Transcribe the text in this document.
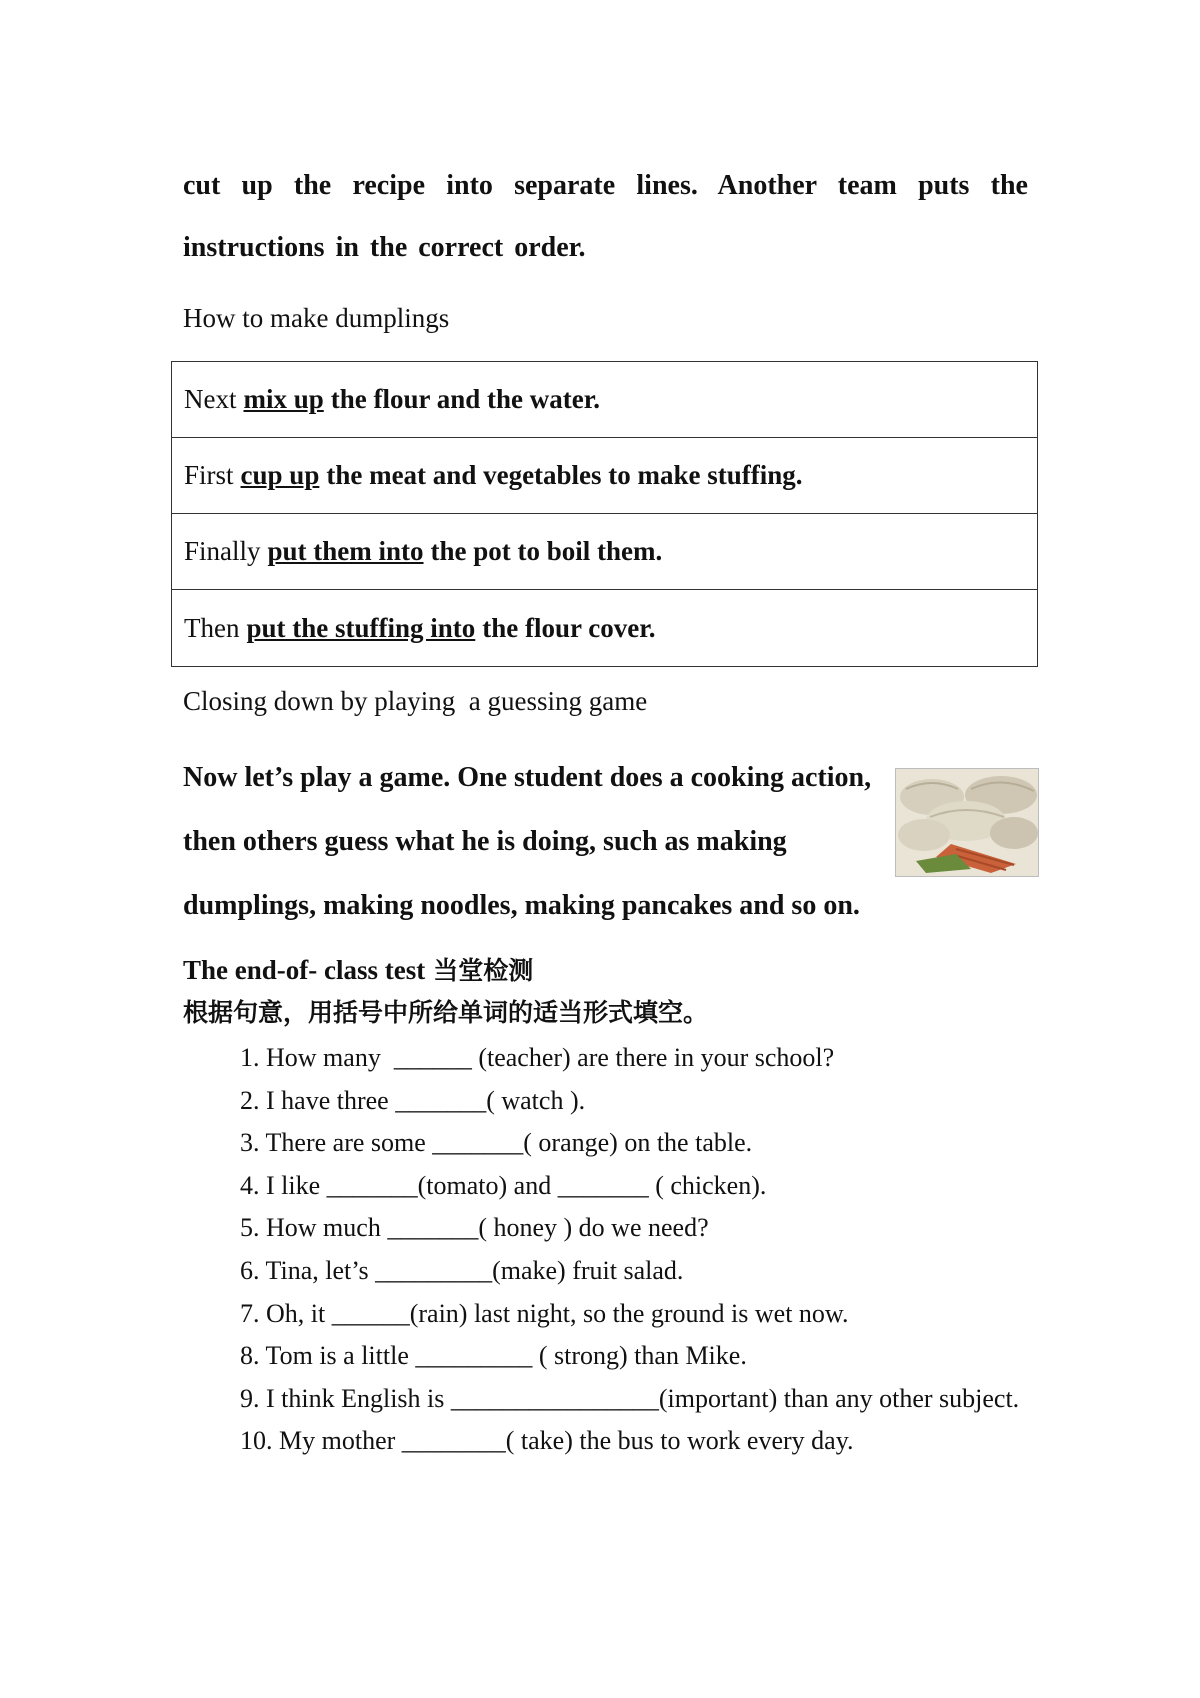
cut up the recipe into separate lines. Another team puts the instructions in the correct order.
How to make dumplings
Next mix up the flour and the water.
First cup up the meat and vegetables to make stuffing.
Finally put them into the pot to boil them.
Then put the stuffing into the flour cover.
Closing down by playing  a guessing game
Now let’s play a game. One student does a cooking action,
then others guess what he is doing, such as making
dumplings, making noodles, making pancakes and so on.
The end-of- class test 当堂检测
根据句意，用括号中所给单词的适当形式填空。
1. How many  ______ (teacher) are there in your school?
2. I have three _______( watch ).
3. There are some _______( orange) on the table.
4. I like _______(tomato) and _______ ( chicken).
5. How much _______( honey ) do we need?
6. Tina, let’s _________(make) fruit salad.
7. Oh, it ______(rain) last night, so the ground is wet now.
8. Tom is a little _________ ( strong) than Mike.
9. I think English is ________________(important) than any other subject.
10. My mother ________( take) the bus to work every day.
